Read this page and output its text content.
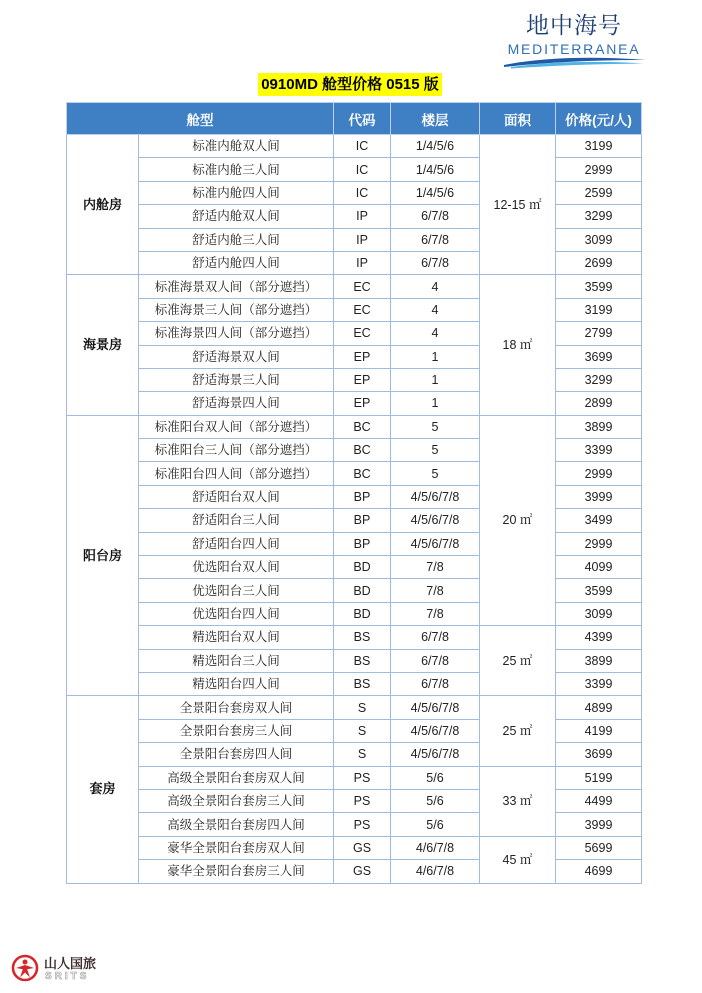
地中海号
MEDITERRANEA
0910MD 舱型价格 0515 版
舱型		代码	楼层	面积	价格(元/人)
内舱房	标准内舱双人间	IC	1/4/5/6	12-15 ㎡	3199
	标准内舱三人间	IC	1/4/5/6		2999
	标准内舱四人间	IC	1/4/5/6		2599
	舒适内舱双人间	IP	6/7/8		3299
	舒适内舱三人间	IP	6/7/8		3099
	舒适内舱四人间	IP	6/7/8		2699
海景房	标准海景双人间（部分遮挡）	EC	4	18 ㎡	3599
	标准海景三人间（部分遮挡）	EC	4		3199
	标准海景四人间（部分遮挡）	EC	4		2799
	舒适海景双人间	EP	1		3699
	舒适海景三人间	EP	1		3299
	舒适海景四人间	EP	1		2899
阳台房	标准阳台双人间（部分遮挡）	BC	5	20 ㎡	3899
	标准阳台三人间（部分遮挡）	BC	5		3399
	标准阳台四人间（部分遮挡）	BC	5		2999
	舒适阳台双人间	BP	4/5/6/7/8		3999
	舒适阳台三人间	BP	4/5/6/7/8		3499
	舒适阳台四人间	BP	4/5/6/7/8		2999
	优选阳台双人间	BD	7/8		4099
	优选阳台三人间	BD	7/8		3599
	优选阳台四人间	BD	7/8		3099
	精选阳台双人间	BS	6/7/8	25 ㎡	4399
	精选阳台三人间	BS	6/7/8		3899
	精选阳台四人间	BS	6/7/8		3399
套房	全景阳台套房双人间	S	4/5/6/7/8	25 ㎡	4899
	全景阳台套房三人间	S	4/5/6/7/8		4199
	全景阳台套房四人间	S	4/5/6/7/8		3699
	高级全景阳台套房双人间	PS	5/6	33 ㎡	5199
	高级全景阳台套房三人间	PS	5/6		4499
	高级全景阳台套房四人间	PS	5/6		3999
	豪华全景阳台套房双人间	GS	4/6/7/8	45 ㎡	5699
	豪华全景阳台套房三人间	GS	4/6/7/8		4699
山人国旅
SRITS
